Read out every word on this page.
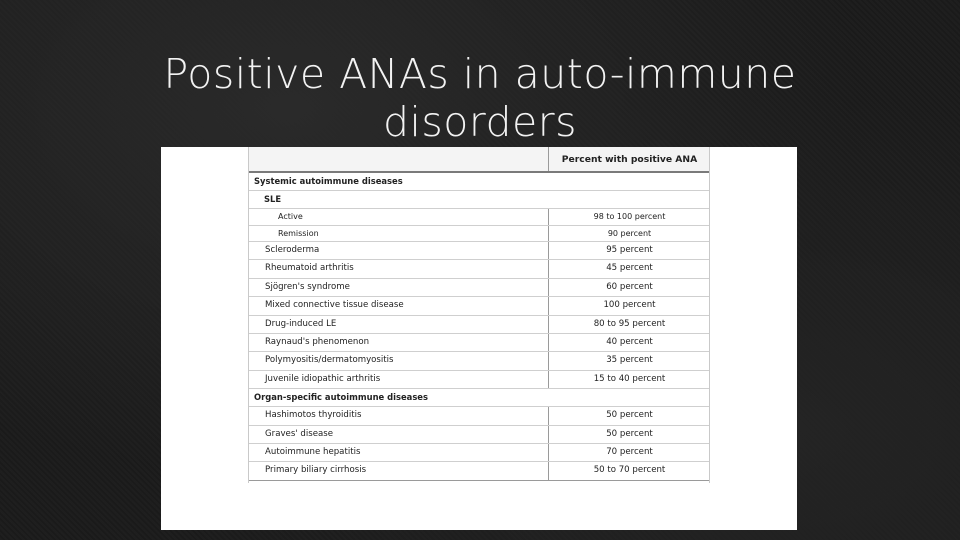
Positive ANAs in auto-immune
disorders
Percent with positive ANA
Systemic autoimmune diseases
SLE
Active	98 to 100 percent
Remission	90 percent
Scleroderma	95 percent
Rheumatoid arthritis	45 percent
Sjögren's syndrome	60 percent
Mixed connective tissue disease	100 percent
Drug-induced LE	80 to 95 percent
Raynaud's phenomenon	40 percent
Polymyositis/dermatomyositis	35 percent
Juvenile idiopathic arthritis	15 to 40 percent
Organ-specific autoimmune diseases
Hashimotos thyroiditis	50 percent
Graves' disease	50 percent
Autoimmune hepatitis	70 percent
Primary biliary cirrhosis	50 to 70 percent
